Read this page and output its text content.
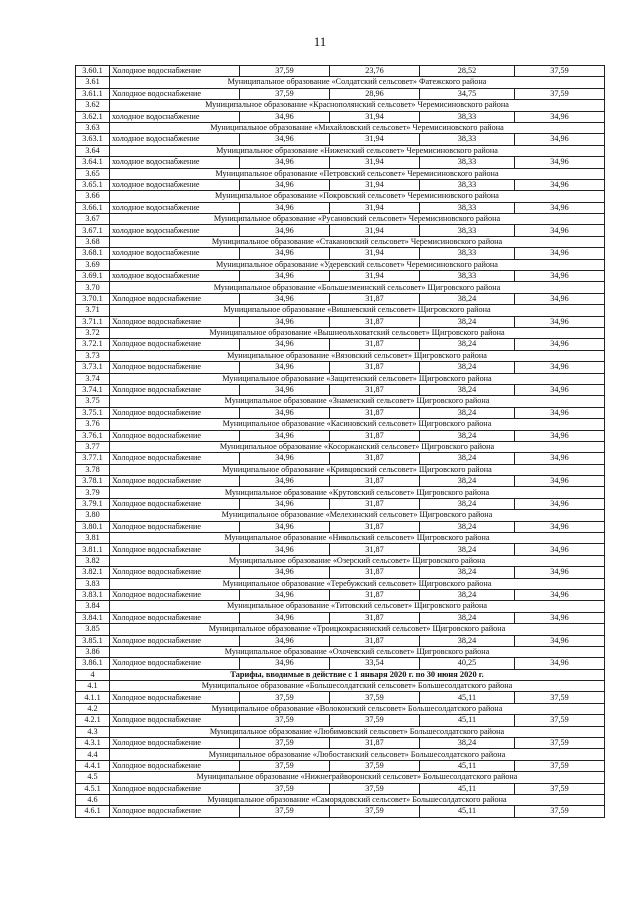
11
3.60.1	Холодное водоснабжение	37,59	23,76	28,52	37,59
3.61	Муниципальное образование «Солдатский сельсовет» Фатежского района				
3.61.1	Холодное водоснабжение	37,59	28,96	34,75	37,59
3.62	Муниципальное образование «Краснополянский сельсовет» Черемисиновского района				
3.62.1	холодное водоснабжение	34,96	31,94	38,33	34,96
3.63	Муниципальное образование «Михайловский сельсовет» Черемисиновского района				
3.63.1	холодное водоснабжение	34,96	31,94	38,33	34,96
3.64	Муниципальное образование «Ниженский сельсовет» Черемисиновского района				
3.64.1	холодное водоснабжение	34,96	31,94	38,33	34,96
3.65	Муниципальное образование «Петровский сельсовет» Черемисиновского района				
3.65.1	холодное водоснабжение	34,96	31,94	38,33	34,96
3.66	Муниципальное образование «Покровский сельсовет» Черемисиновского района				
3.66.1	холодное водоснабжение	34,96	31,94	38,33	34,96
3.67	Муниципальное образование «Русановский сельсовет» Черемисиновского района				
3.67.1	холодное водоснабжение	34,96	31,94	38,33	34,96
3.68	Муниципальное образование «Стакановский сельсовет» Черемисиновского района				
3.68.1	холодное водоснабжение	34,96	31,94	38,33	34,96
3.69	Муниципальное образование «Удеревский сельсовет» Черемисиновского района				
3.69.1	холодное водоснабжение	34,96	31,94	38,33	34,96
3.70	Муниципальное образование «Большезмеинский сельсовет» Щигровского района				
3.70.1	Холодное водоснабжение	34,96	31,87	38,24	34,96
3.71	Муниципальное образование «Вишневский сельсовет» Щигровского района				
3.71.1	Холодное водоснабжение	34,96	31,87	38,24	34,96
3.72	Муниципальное образование «Вышнеольховатский сельсовет» Щигровского района				
3.72.1	Холодное водоснабжение	34,96	31,87	38,24	34,96
3.73	Муниципальное образование «Вязовский сельсовет» Щигровского района				
3.73.1	Холодное водоснабжение	34,96	31,87	38,24	34,96
3.74	Муниципальное образование «Защитенский сельсовет» Щигровского района				
3.74.1	Холодное водоснабжение	34,96	31,87	38,24	34,96
3.75	Муниципальное образование «Знаменский сельсовет» Щигровского района				
3.75.1	Холодное водоснабжение	34,96	31,87	38,24	34,96
3.76	Муниципальное образование «Касиновский сельсовет» Щигровского района				
3.76.1	Холодное водоснабжение	34,96	31,87	38,24	34,96
3.77	Муниципальное образование «Косоржанский сельсовет» Щигровского района				
3.77.1	Холодное водоснабжение	34,96	31,87	38,24	34,96
3.78	Муниципальное образование «Кривцовский сельсовет» Щигровского района				
3.78.1	Холодное водоснабжение	34,96	31,87	38,24	34,96
3.79	Муниципальное образование «Крутовский сельсовет» Щигровского района				
3.79.1	Холодное водоснабжение	34,96	31,87	38,24	34,96
3.80	Муниципальное образование «Мелехинский сельсовет» Щигровского района				
3.80.1	Холодное водоснабжение	34,96	31,87	38,24	34,96
3.81	Муниципальное образование «Никольский сельсовет» Щигровского района				
3.81.1	Холодное водоснабжение	34,96	31,87	38,24	34,96
3.82	Муниципальное образование «Озерский сельсовет» Щигровского района				
3.82.1	Холодное водоснабжение	34,96	31,87	38,24	34,96
3.83	Муниципальное образование «Теребужский сельсовет» Щигровского района				
3.83.1	Холодное водоснабжение	34,96	31,87	38,24	34,96
3.84	Муниципальное образование «Титовский сельсовет» Щигровского района				
3.84.1	Холодное водоснабжение	34,96	31,87	38,24	34,96
3.85	Муниципальное образование «Троицкокраснянский сельсовет» Щигровского района				
3.85.1	Холодное водоснабжение	34,96	31,87	38,24	34,96
3.86	Муниципальное образование «Охочевский сельсовет» Щигровского района				
3.86.1	Холодное водоснабжение	34,96	33,54	40,25	34,96
4	Тарифы, вводимые в действие с 1 января 2020 г. по 30 июня 2020 г.				
4.1	Муниципальное образование «Большесолдатский сельсовет» Большесолдатского района				
4.1.1	Холодное водоснабжение	37,59	37,59	45,11	37,59
4.2	Муниципальное образование «Волоконский сельсовет» Большесолдатского района				
4.2.1	Холодное водоснабжение	37,59	37,59	45,11	37,59
4.3	Муниципальное образование «Любимовский сельсовет» Большесолдатского района				
4.3.1	Холодное водоснабжение	37,59	31,87	38,24	37,59
4.4	Муниципальное образование «Любостанский сельсовет» Большесолдатского района				
4.4.1	Холодное водоснабжение	37,59	37,59	45,11	37,59
4.5	Муниципальное образование «Нижнеграйворонский сельсовет» Большесолдатского района				
4.5.1	Холодное водоснабжение	37,59	37,59	45,11	37,59
4.6	Муниципальное образование «Саморядовский сельсовет» Большесолдатского района				
4.6.1	Холодное водоснабжение	37,59	37,59	45,11	37,59
